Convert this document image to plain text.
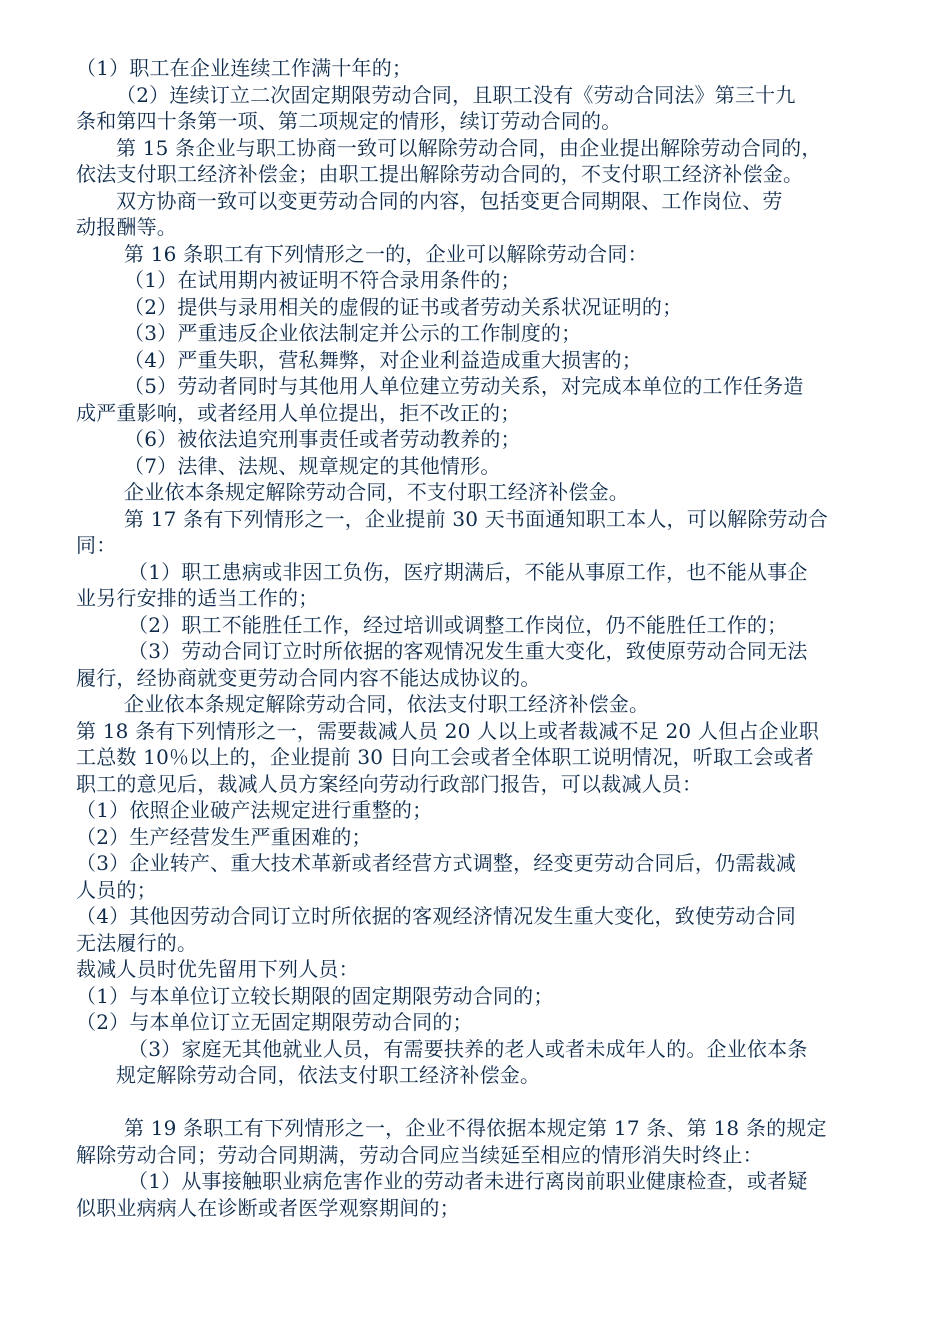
（1）职工在企业连续工作满十年的；
（2）连续订立二次固定期限劳动合同，且职工没有《劳动合同法》第三十九
条和第四十条第一项、第二项规定的情形，续订劳动合同的。
第 15 条企业与职工协商一致可以解除劳动合同，由企业提出解除劳动合同的，
依法支付职工经济补偿金；由职工提出解除劳动合同的，不支付职工经济补偿金。
双方协商一致可以变更劳动合同的内容，包括变更合同期限、工作岗位、劳
动报酬等。
第 16 条职工有下列情形之一的，企业可以解除劳动合同：
（1）在试用期内被证明不符合录用条件的；
（2）提供与录用相关的虚假的证书或者劳动关系状况证明的；
（3）严重违反企业依法制定并公示的工作制度的；
（4）严重失职，营私舞弊，对企业利益造成重大损害的；
（5）劳动者同时与其他用人单位建立劳动关系，对完成本单位的工作任务造
成严重影响，或者经用人单位提出，拒不改正的；
（6）被依法追究刑事责任或者劳动教养的；
（7）法律、法规、规章规定的其他情形。
企业依本条规定解除劳动合同，不支付职工经济补偿金。
第 17 条有下列情形之一，企业提前 30 天书面通知职工本人，可以解除劳动合
同：
（1）职工患病或非因工负伤，医疗期满后，不能从事原工作，也不能从事企
业另行安排的适当工作的；
（2）职工不能胜任工作，经过培训或调整工作岗位，仍不能胜任工作的；
（3）劳动合同订立时所依据的客观情况发生重大变化，致使原劳动合同无法
履行，经协商就变更劳动合同内容不能达成协议的。
企业依本条规定解除劳动合同，依法支付职工经济补偿金。
第 18 条有下列情形之一，需要裁减人员 20 人以上或者裁减不足 20 人但占企业职
工总数 10％以上的，企业提前 30 日向工会或者全体职工说明情况，听取工会或者
职工的意见后，裁减人员方案经向劳动行政部门报告，可以裁减人员：
（1）依照企业破产法规定进行重整的；
（2）生产经营发生严重困难的；
（3）企业转产、重大技术革新或者经营方式调整，经变更劳动合同后，仍需裁减
人员的；
（4）其他因劳动合同订立时所依据的客观经济情况发生重大变化，致使劳动合同
无法履行的。
裁减人员时优先留用下列人员：
（1）与本单位订立较长期限的固定期限劳动合同的；
（2）与本单位订立无固定期限劳动合同的；
（3）家庭无其他就业人员，有需要扶养的老人或者未成年人的。企业依本条
规定解除劳动合同，依法支付职工经济补偿金。
第 19 条职工有下列情形之一，企业不得依据本规定第 17 条、第 18 条的规定
解除劳动合同；劳动合同期满，劳动合同应当续延至相应的情形消失时终止：
（1）从事接触职业病危害作业的劳动者未进行离岗前职业健康检查，或者疑
似职业病病人在诊断或者医学观察期间的；
